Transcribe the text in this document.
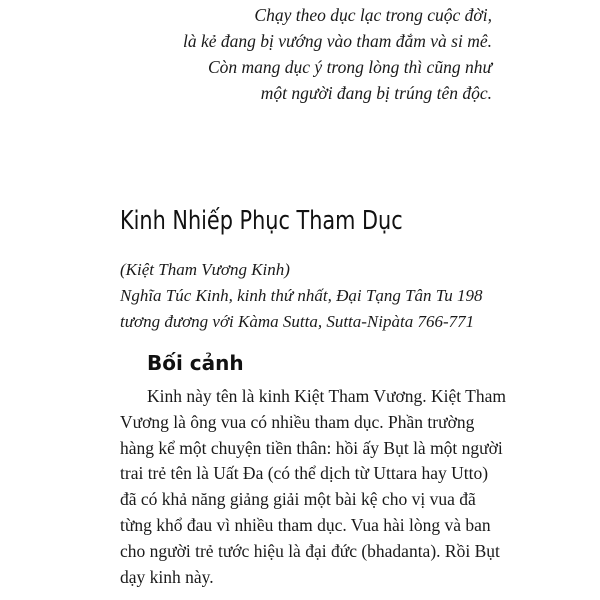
Chạy theo dục lạc trong cuộc đời,
là kẻ đang bị vướng vào tham đắm và si mê.
Còn mang dục ý trong lòng thì cũng như
một người đang bị trúng tên độc.

Kinh Nhiếp Phục Tham Dục

(Kiệt Tham Vương Kinh)
Nghĩa Túc Kinh, kinh thứ nhất, Đại Tạng Tân Tu 198
tương đương với Kàma Sutta, Sutta-Nipàta 766-771

Bối cảnh

Kinh này tên là kinh Kiệt Tham Vương. Kiệt Tham
Vương là ông vua có nhiều tham dục. Phần trường
hàng kể một chuyện tiền thân: hồi ấy Bụt là một người
trai trẻ tên là Uất Đa (có thể dịch từ Uttara hay Utto)
đã có khả năng giảng giải một bài kệ cho vị vua đã
từng khổ đau vì nhiều tham dục. Vua hài lòng và ban
cho người trẻ tước hiệu là đại đức (bhadanta). Rồi Bụt
dạy kinh này.
